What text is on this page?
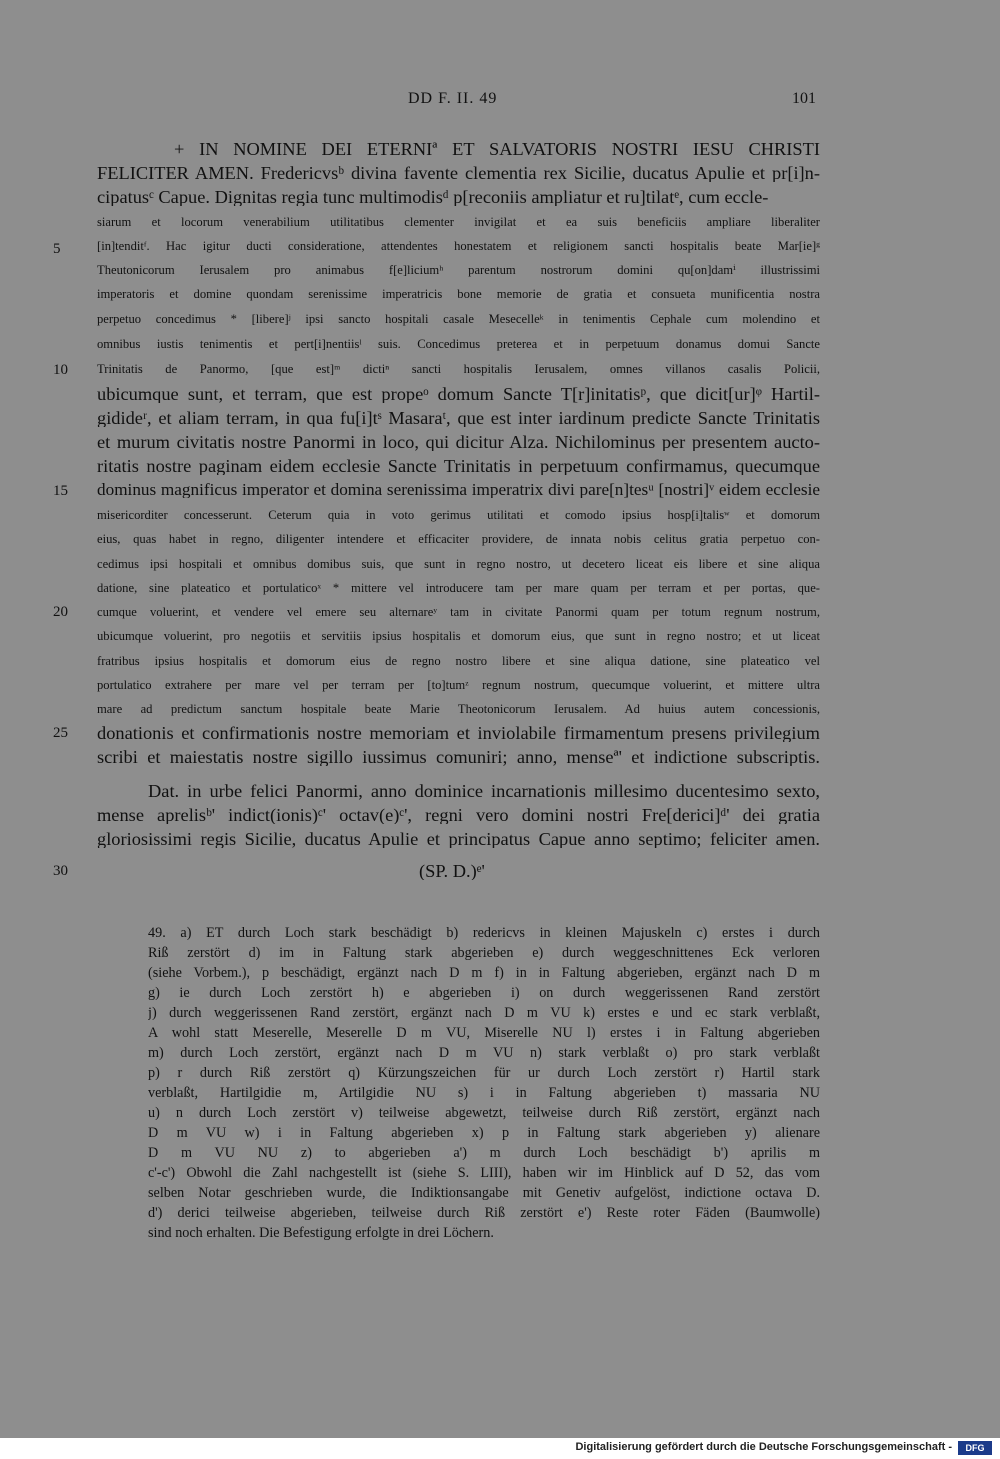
DD F. II. 49	101
+ IN NOMINE DEI ETERNIª ET SALVATORIS NOSTRI IESU CHRISTI
FELICITER AMEN. Fredericvsᵇ divina favente clementia rex Sicilie, ducatus Apulie et pr[i]n-
cipatusᶜ Capue. Dignitas regia tunc multimodisᵈ p[reconiis ampliatur et ru]tilatᵉ, cum eccle-
siarum et locorum venerabilium utilitatibus clementer invigilat et ea suis beneficiis ampliare liberaliter
[in]tenditᶠ. Hac igitur ducti consideratione, attendentes honestatem et religionem sancti hospitalis beate Mar[ie]ᵍ
Theutonicorum Ierusalem pro animabus f[e]liciumʰ parentum nostrorum domini qu[on]damⁱ illustrissimi
imperatoris et domine quondam serenissime imperatricis bone memorie de gratia et consueta munificentia nostra
perpetuo concedimus * [libere]ʲ ipsi sancto hospitali casale Mesecelleᵏ in tenimentis Cephale cum molendino et
omnibus iustis tenimentis et pert[i]nentiisˡ suis. Concedimus preterea et in perpetuum donamus domui Sancte
Trinitatis de Panormo, [que est]ᵐ dictiⁿ sancti hospitalis Ierusalem, omnes villanos casalis Policii,
ubicumque sunt, et terram, que est propeᵒ domum Sancte T[r]initatisᵖ, que dicit[ur]ᵠ Hartil-
gidideʳ, et aliam terram, in qua fu[i]tˢ Masaraᵗ, que est inter iardinum predicte Sancte Trinitatis
et murum civitatis nostre Panormi in loco, qui dicitur Alza. Nichilominus per presentem aucto-
ritatis nostre paginam eidem ecclesie Sancte Trinitatis in perpetuum confirmamus, quecumque
dominus magnificus imperator et domina serenissima imperatrix divi pare[n]tesᵘ [nostri]ᵛ eidem ecclesie
misericorditer concesserunt. Ceterum quia in voto gerimus utilitati et comodo ipsius hosp[i]talisʷ et domorum
eius, quas habet in regno, diligenter intendere et efficaciter providere, de innata nobis celitus gratia perpetuo con-
cedimus ipsi hospitali et omnibus domibus suis, que sunt in regno nostro, ut decetero liceat eis libere et sine aliqua
datione, sine plateatico et portulaticoˣ * mittere vel introducere tam per mare quam per terram et per portas, que-
cumque voluerint, et vendere vel emere seu alternareʸ tam in civitate Panormi quam per totum regnum nostrum,
ubicumque voluerint, pro negotiis et servitiis ipsius hospitalis et domorum eius, que sunt in regno nostro; et ut liceat
fratribus ipsius hospitalis et domorum eius de regno nostro libere et sine aliqua datione, sine plateatico vel
portulatico extrahere per mare vel per terram per [to]tumᶻ regnum nostrum, quecumque voluerint, et mittere ultra
mare ad predictum sanctum hospitale beate Marie Theotonicorum Ierusalem. Ad huius autem concessionis,
donationis et confirmationis nostre memoriam et inviolabile firmamentum presens privilegium
scribi et maiestatis nostre sigillo iussimus comuniri; anno, menseª' et indictione subscriptis.
Dat. in urbe felici Panormi, anno dominice incarnationis millesimo ducentesimo sexto,
mense aprelisᵇ' indict(ionis)ᶜ' octav(e)ᶜ', regni vero domini nostri Fre[derici]ᵈ' dei gratia
gloriosissimi regis Sicilie, ducatus Apulie et principatus Capue anno septimo; feliciter amen.
(SP. D.)ᵉ'
5
10
15
20
25
30
49. a) ET durch Loch stark beschädigt b) redericvs in kleinen Majuskeln c) erstes i durch
Riß zerstört d) im in Faltung stark abgerieben e) durch weggeschnittenes Eck verloren
(siehe Vorbem.), p beschädigt, ergänzt nach D m f) in in Faltung abgerieben, ergänzt nach D m
g) ie durch Loch zerstört h) e abgerieben i) on durch weggerissenen Rand zerstört
j) durch weggerissenen Rand zerstört, ergänzt nach D m VU k) erstes e und ec stark verblaßt,
A wohl statt Meserelle, Meserelle D m VU, Miserelle NU l) erstes i in Faltung abgerieben
m) durch Loch zerstört, ergänzt nach D m VU n) stark verblaßt o) pro stark verblaßt
p) r durch Riß zerstört q) Kürzungszeichen für ur durch Loch zerstört r) Hartil stark
verblaßt, Hartilgidie m, Artilgidie NU s) i in Faltung abgerieben t) massaria NU
u) n durch Loch zerstört v) teilweise abgewetzt, teilweise durch Riß zerstört, ergänzt nach
D m VU w) i in Faltung abgerieben x) p in Faltung stark abgerieben y) alienare
D m VU NU z) to abgerieben a') m durch Loch beschädigt b') aprilis m
c'-c') Obwohl die Zahl nachgestellt ist (siehe S. LIII), haben wir im Hinblick auf D 52, das vom
selben Notar geschrieben wurde, die Indiktionsangabe mit Genetiv aufgelöst, indictione octava D.
d') derici teilweise abgerieben, teilweise durch Riß zerstört e') Reste roter Fäden (Baumwolle)
sind noch erhalten. Die Befestigung erfolgte in drei Löchern.
Digitalisierung gefördert durch die Deutsche Forschungsgemeinschaft -	DFG
